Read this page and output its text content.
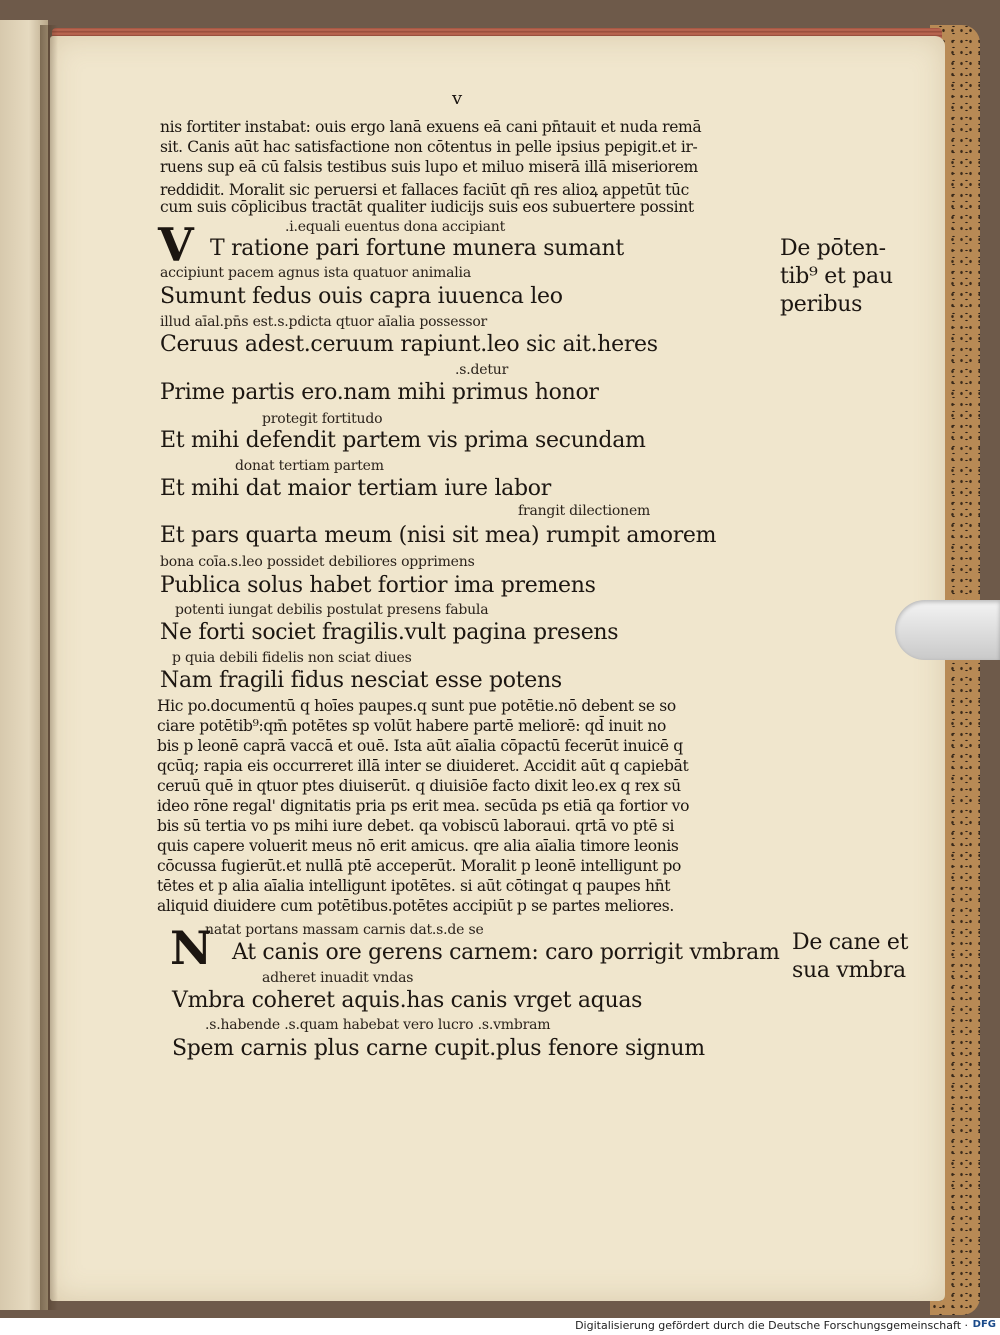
v
nis fortiter instabat: ouis ergo lanā exuens eā cani pn̄tauit et nuda remā
sit. Canis aūt hac satisfactione non cōtentus in pelle ipsius pepigit.et ir-
ruens sup eā cū falsis testibus suis lupo et miluo miserā illā miseriorem
reddidit. Moralit sic peruersi et fallaces faciūt qn̄ res alioꝝ appetūt tūc
cum suis cōplicibus tractāt qualiter iudicijs suis eos subuertere possint
.i.equali euentus dona accipiant
T ratione pari fortune munera sumant
accipiunt pacem agnus ista quatuor animalia
Sumunt fedus ouis capra iuuenca leo
illud aīal.pn̄s est.s.pdicta qtuor aīalia possessor
Ceruus adest.ceruum rapiunt.leo sic ait.heres
.s.detur
Prime partis ero.nam mihi primus honor
protegit fortitudo
Et mihi defendit partem vis prima secundam
donat tertiam partem
Et mihi dat maior tertiam iure labor
frangit dilectionem
Et pars quarta meum (nisi sit mea) rumpit amorem
bona coīa.s.leo possidet debiliores opprimens
Publica solus habet fortior ima premens
potenti iungat debilis postulat presens fabula
Ne forti societ fragilis.vult pagina presens
p quia debili fidelis non sciat diues
Nam fragili fidus nesciat esse potens
Hic po.documentū q hoīes paupes.q sunt pue potētie.nō debent se so
ciare potētib⁹:qm̄ potētes sp volūt habere partē meliorē: qd̄ inuit no
bis p leonē caprā vaccā et ouē. Ista aūt aīalia cōpactū fecerūt inuicē q
qcūq; rapia eis occurreret illā inter se diuideret. Accidit aūt q capiebāt
ceruū quē in qtuor ptes diuiserūt. q diuisiōe facto dixit leo.ex q rex sū
ideo rōne regal' dignitatis pria ps erit mea. secūda ps etiā qa fortior vo
bis sū tertia vo ps mihi iure debet. qa vobiscū laboraui. qrtā vo ptē si
quis capere voluerit meus nō erit amicus. qre alia aīalia timore leonis
cōcussa fugierūt.et nullā ptē acceperūt. Moralit p leonē intelligunt po
tētes et p alia aīalia intelligunt ipotētes. si aūt cōtingat q paupes hn̄t
aliquid diuidere cum potētibus.potētes accipiūt p se partes meliores.
natat portans massam carnis dat.s.de se
At canis ore gerens carnem: caro porrigit vmbram
adheret inuadit vndas
Vmbra coheret aquis.has canis vrget aquas
.s.habende .s.quam habebat vero lucro .s.vmbram
Spem carnis plus carne cupit.plus fenore signum
V
N
De pōten-
tib⁹ et pau
peribus
De cane et
sua vmbra
Digitalisierung gefördert durch die Deutsche Forschungsgemeinschaft · DFG
